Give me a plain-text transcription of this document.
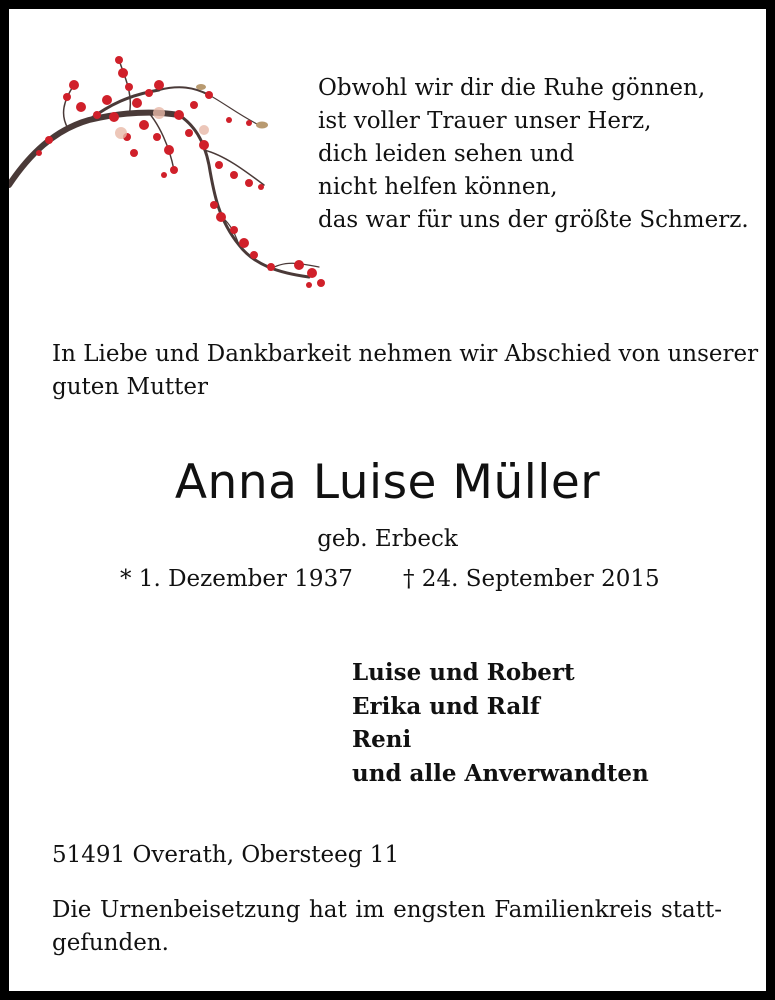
Obwohl wir dir die Ruhe gönnen,
ist voller Trauer unser Herz,
dich leiden sehen und
nicht helfen können,
das war für uns der größte Schmerz.
In Liebe und Dankbarkeit nehmen wir Abschied von unserer
guten Mutter
Anna Luise Müller
geb. Erbeck
* 1. Dezember 1937 † 24. September 2015
Luise und Robert
Erika und Ralf
Reni
und alle Anverwandten
51491 Overath, Obersteeg 11
Die Urnenbeisetzung hat im engsten Familienkreis statt-
gefunden.
